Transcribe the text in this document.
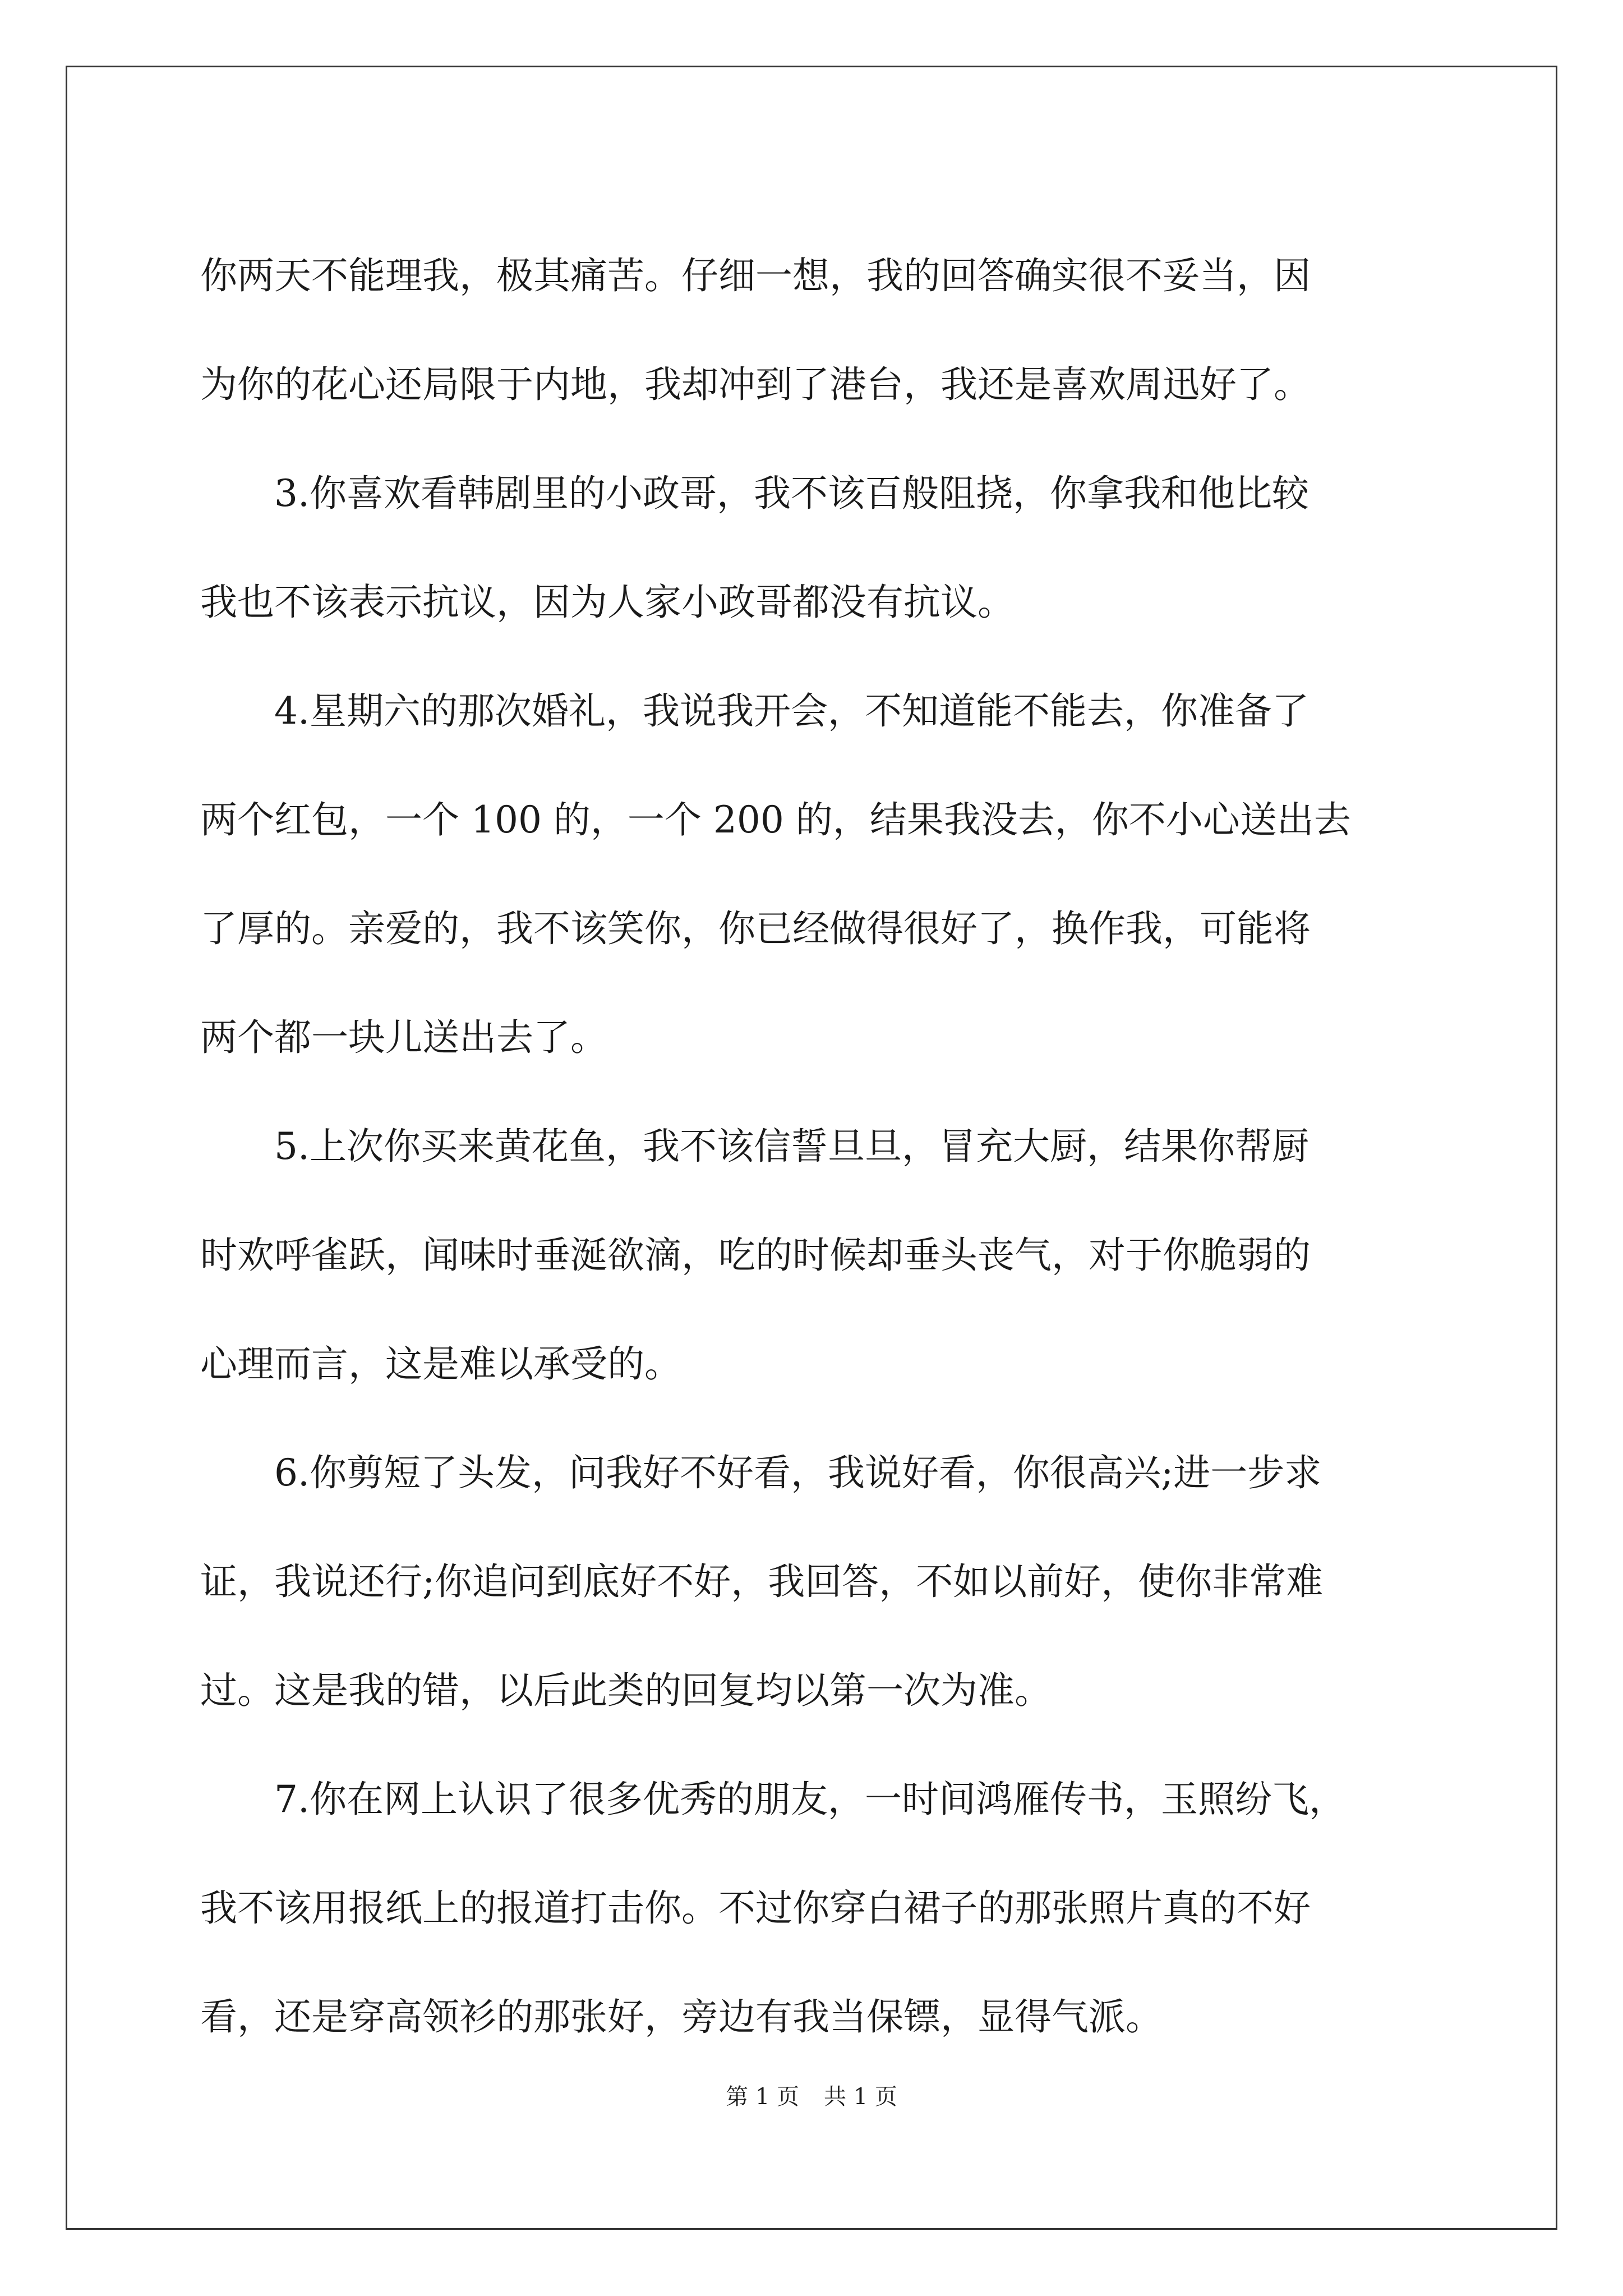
你两天不能理我，极其痛苦。仔细一想，我的回答确实很不妥当，因
为你的花心还局限于内地，我却冲到了港台，我还是喜欢周迅好了。
3.你喜欢看韩剧里的小政哥，我不该百般阻挠，你拿我和他比较
我也不该表示抗议，因为人家小政哥都没有抗议。
4.星期六的那次婚礼，我说我开会，不知道能不能去，你准备了
两个红包，一个 100 的，一个 200 的，结果我没去，你不小心送出去
了厚的。亲爱的，我不该笑你，你已经做得很好了，换作我，可能将
两个都一块儿送出去了。
5.上次你买来黄花鱼，我不该信誓旦旦，冒充大厨，结果你帮厨
时欢呼雀跃，闻味时垂涎欲滴，吃的时候却垂头丧气，对于你脆弱的
心理而言，这是难以承受的。
6.你剪短了头发，问我好不好看，我说好看，你很高兴;进一步求
证，我说还行;你追问到底好不好，我回答，不如以前好，使你非常难
过。这是我的错，以后此类的回复均以第一次为准。
7.你在网上认识了很多优秀的朋友，一时间鸿雁传书，玉照纷飞，
我不该用报纸上的报道打击你。不过你穿白裙子的那张照片真的不好
看，还是穿高领衫的那张好，旁边有我当保镖，显得气派。
第 1 页 共 1 页
